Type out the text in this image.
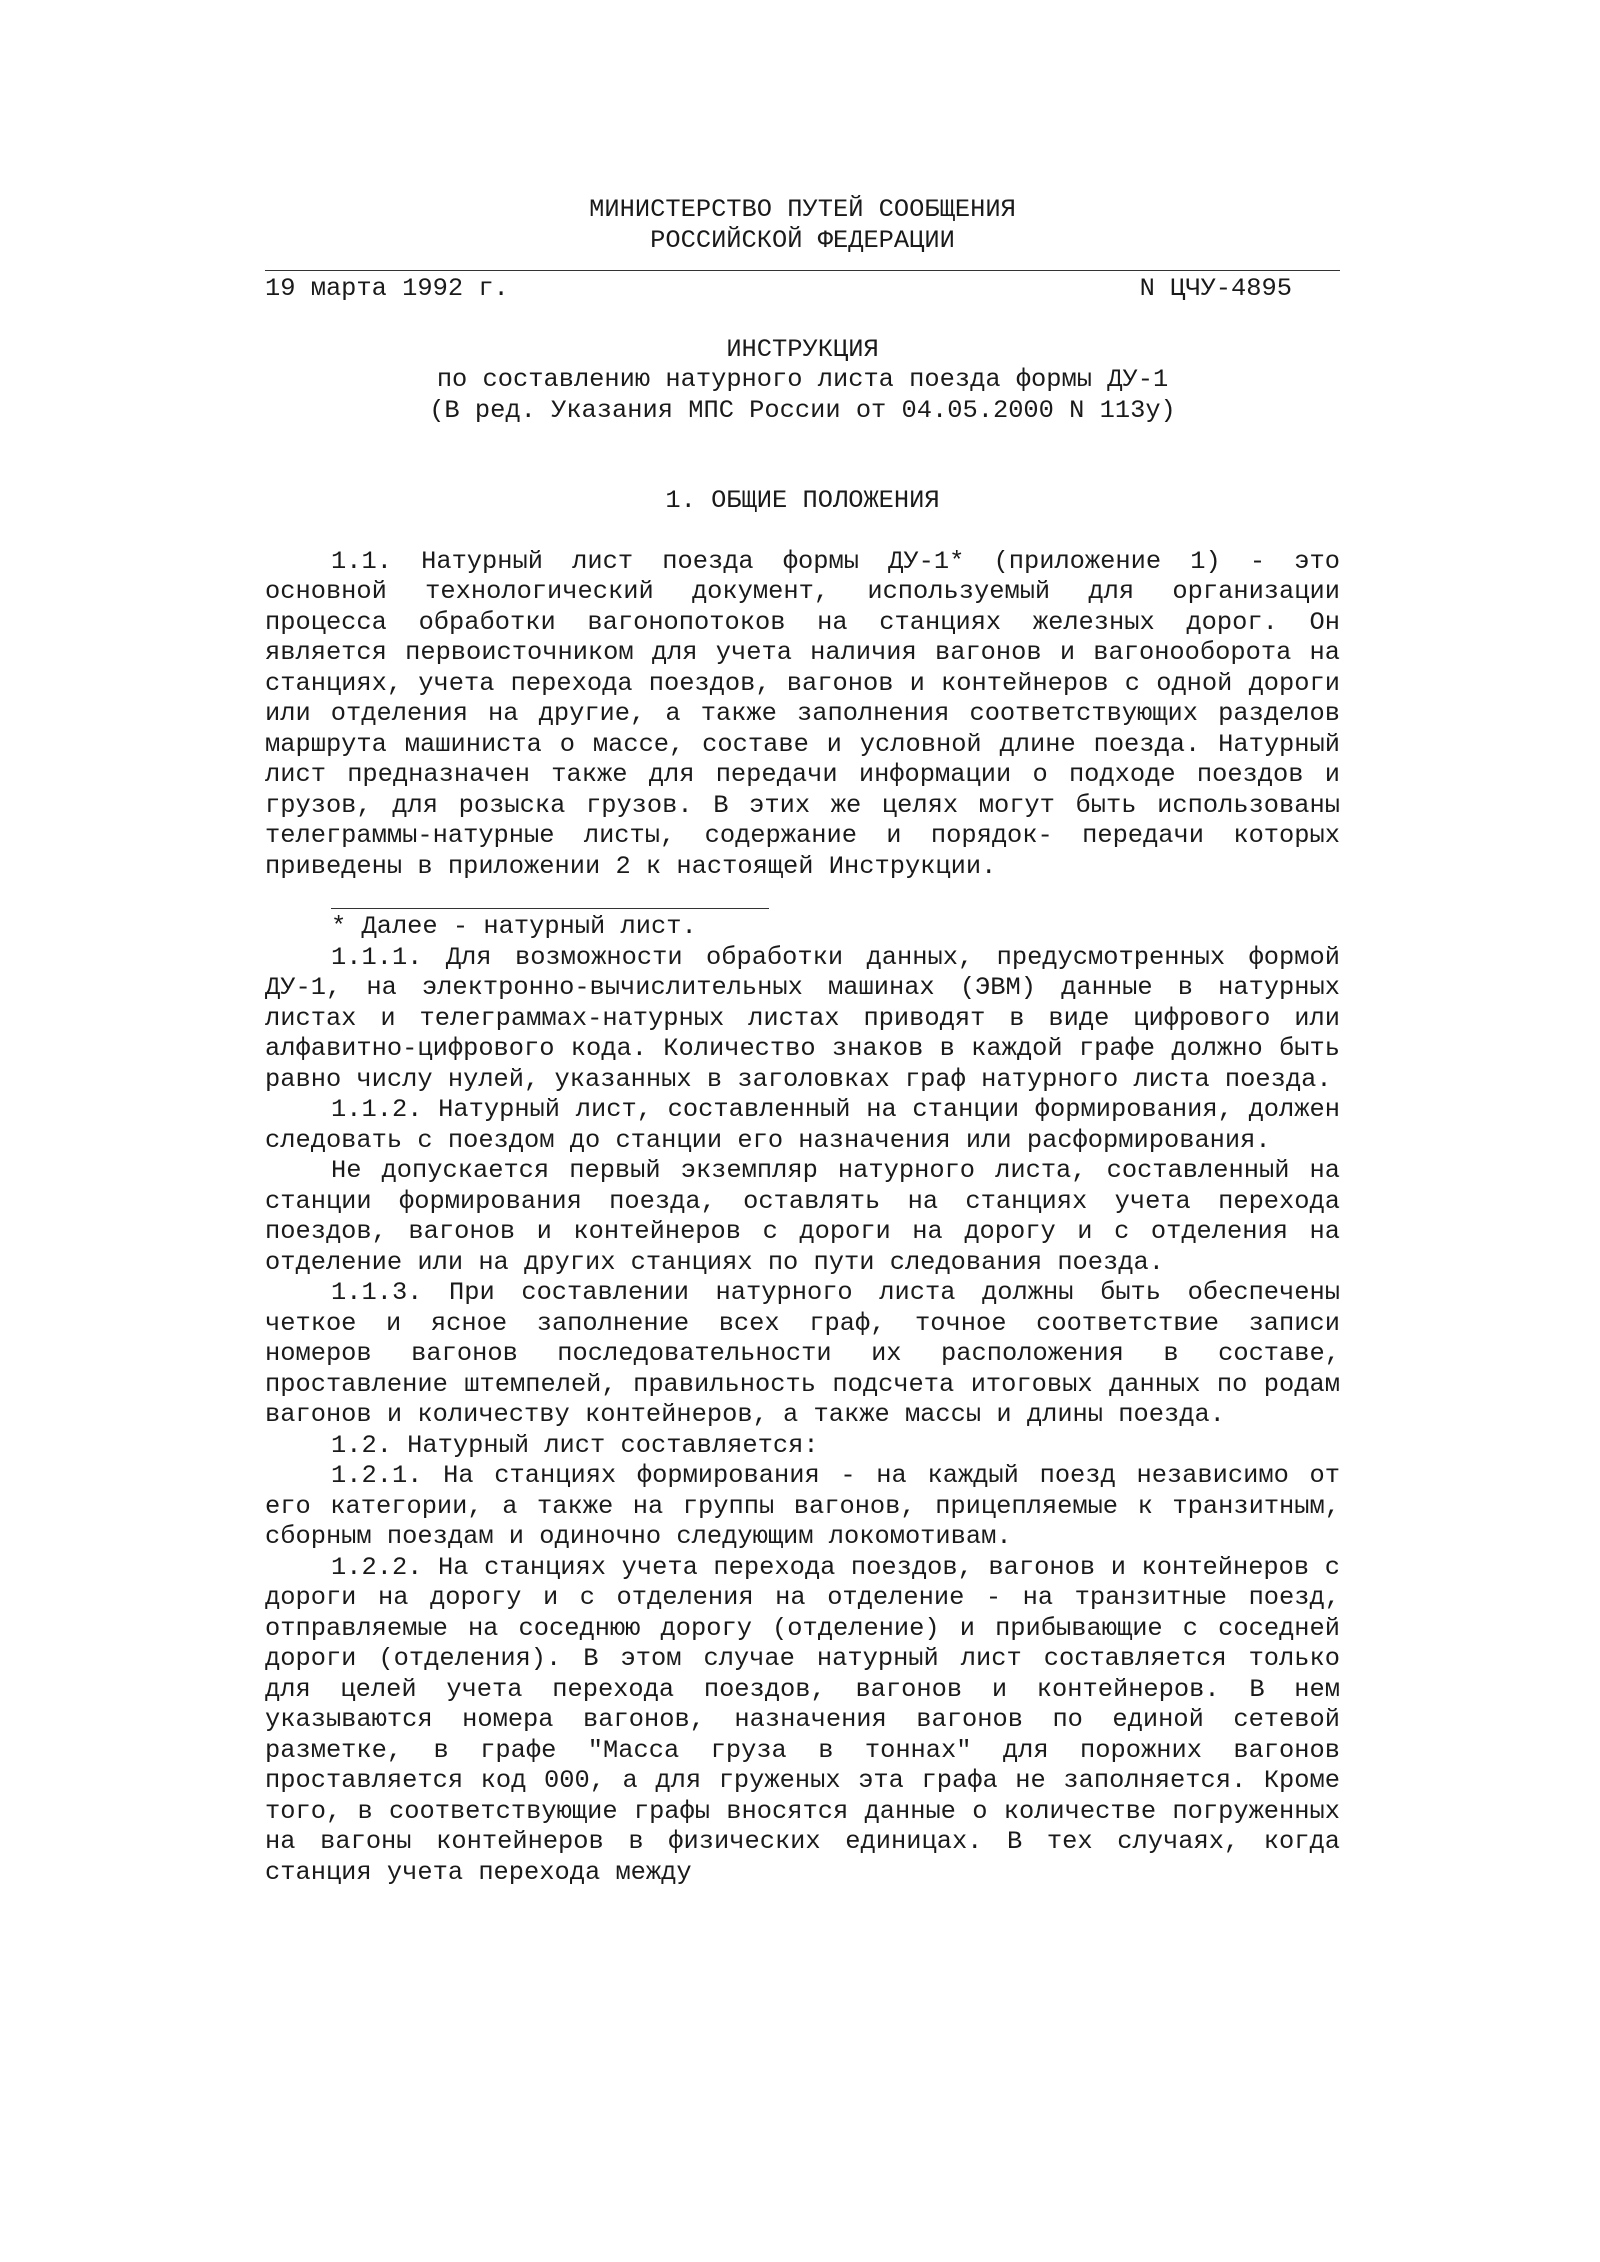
МИНИСТЕРСТВО ПУТЕЙ СООБЩЕНИЯ
РОССИЙСКОЙ ФЕДЕРАЦИИ
19 марта 1992 г.	N ЦЧУ-4895
ИНСТРУКЦИЯ
по составлению натурного листа поезда формы ДУ-1
(В ред. Указания МПС России от 04.05.2000 N 113у)
1. ОБЩИЕ ПОЛОЖЕНИЯ
1.1. Натурный лист поезда формы ДУ-1* (приложение 1) - это основной технологический документ, используемый для организации процесса обработки вагонопотоков на станциях железных дорог. Он является первоисточником для учета наличия вагонов и вагонооборота на станциях, учета перехода поездов, вагонов и контейнеров с одной дороги или отделения на другие, а также заполнения соответствующих разделов маршрута машиниста о массе, составе и условной длине поезда. Натурный лист предназначен также для передачи информации о подходе поездов и грузов, для розыска грузов. В этих же целях могут быть использованы телеграммы-натурные листы, содержание и порядок- передачи которых приведены в приложении 2 к настоящей Инструкции.
* Далее - натурный лист.
1.1.1. Для возможности обработки данных, предусмотренных формой ДУ-1, на электронно-вычислительных машинах (ЭВМ) данные в натурных листах и телеграммах-натурных листах приводят в виде цифрового или алфавитно-цифрового кода. Количество знаков в каждой графе должно быть равно числу нулей, указанных в заголовках граф натурного листа поезда.
1.1.2. Натурный лист, составленный на станции формирования, должен следовать с поездом до станции его назначения или расформирования.
Не допускается первый экземпляр натурного листа, составленный на станции формирования поезда, оставлять на станциях учета перехода поездов, вагонов и контейнеров с дороги на дорогу и с отделения на отделение или на других станциях по пути следования поезда.
1.1.3. При составлении натурного листа должны быть обеспечены четкое и ясное заполнение всех граф, точное соответствие записи номеров вагонов последовательности их расположения в составе, проставление штемпелей, правильность подсчета итоговых данных по родам вагонов и количеству контейнеров, а также массы и длины поезда.
1.2. Натурный лист составляется:
1.2.1. На станциях формирования - на каждый поезд независимо от его категории, а также на группы вагонов, прицепляемые к транзитным, сборным поездам и одиночно следующим локомотивам.
1.2.2. На станциях учета перехода поездов, вагонов и контейнеров с дороги на дорогу и с отделения на отделение - на транзитные поезд, отправляемые на соседнюю дорогу (отделение) и прибывающие с соседней дороги (отделения). В этом случае натурный лист составляется только для целей учета перехода поездов, вагонов и контейнеров. В нем указываются номера вагонов, назначения вагонов по единой сетевой разметке, в графе "Масса груза в тоннах" для порожних вагонов проставляется код 000, а для груженых эта графа не заполняется. Кроме того, в соответствующие графы вносятся данные о количестве погруженных на вагоны контейнеров в физических единицах. В тех случаях, когда станция учета перехода между
